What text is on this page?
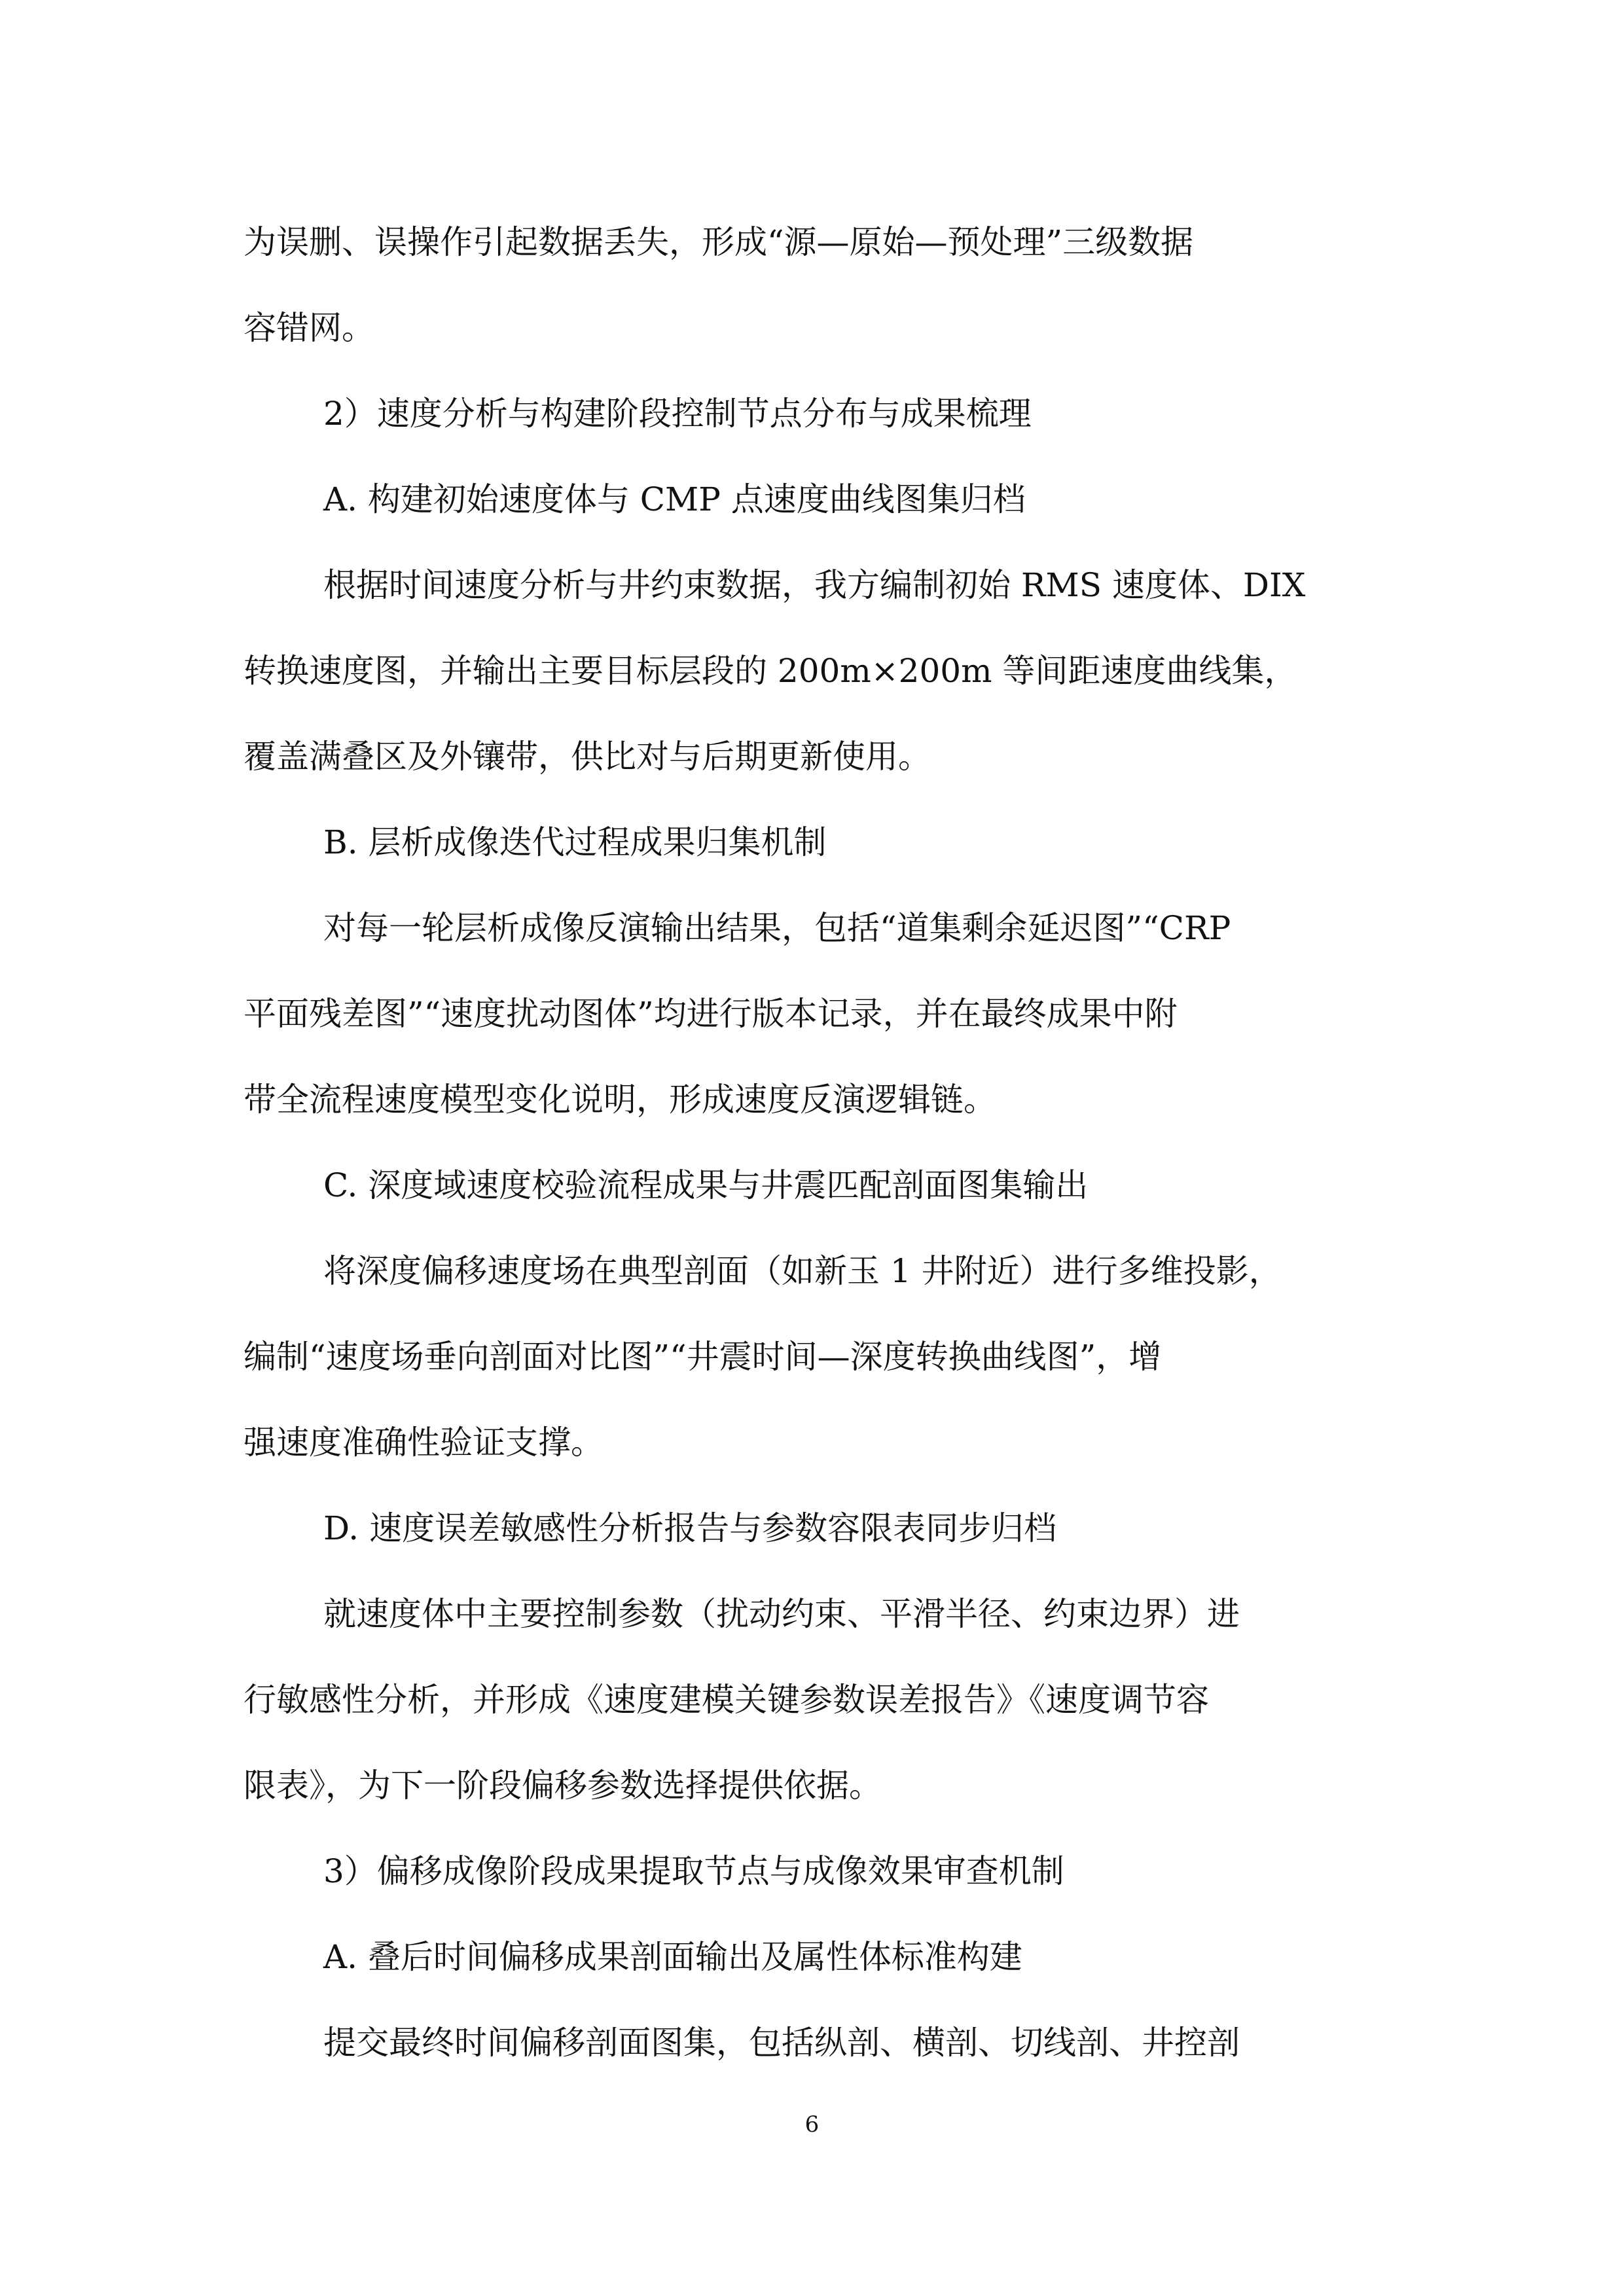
为误删、误操作引起数据丢失，形成“源—原始—预处理”三级数据
容错网。
2）速度分析与构建阶段控制节点分布与成果梳理
A. 构建初始速度体与 CMP 点速度曲线图集归档
根据时间速度分析与井约束数据，我方编制初始 RMS 速度体、DIX
转换速度图，并输出主要目标层段的 200m×200m 等间距速度曲线集，
覆盖满叠区及外镶带，供比对与后期更新使用。
B. 层析成像迭代过程成果归集机制
对每一轮层析成像反演输出结果，包括“道集剩余延迟图”“CRP
平面残差图”“速度扰动图体”均进行版本记录，并在最终成果中附
带全流程速度模型变化说明，形成速度反演逻辑链。
C. 深度域速度校验流程成果与井震匹配剖面图集输出
将深度偏移速度场在典型剖面（如新玉 1 井附近）进行多维投影，
编制“速度场垂向剖面对比图”“井震时间—深度转换曲线图”，增
强速度准确性验证支撑。
D. 速度误差敏感性分析报告与参数容限表同步归档
就速度体中主要控制参数（扰动约束、平滑半径、约束边界）进
行敏感性分析，并形成《速度建模关键参数误差报告》《速度调节容
限表》，为下一阶段偏移参数选择提供依据。
3）偏移成像阶段成果提取节点与成像效果审查机制
A. 叠后时间偏移成果剖面输出及属性体标准构建
提交最终时间偏移剖面图集，包括纵剖、横剖、切线剖、井控剖
6
